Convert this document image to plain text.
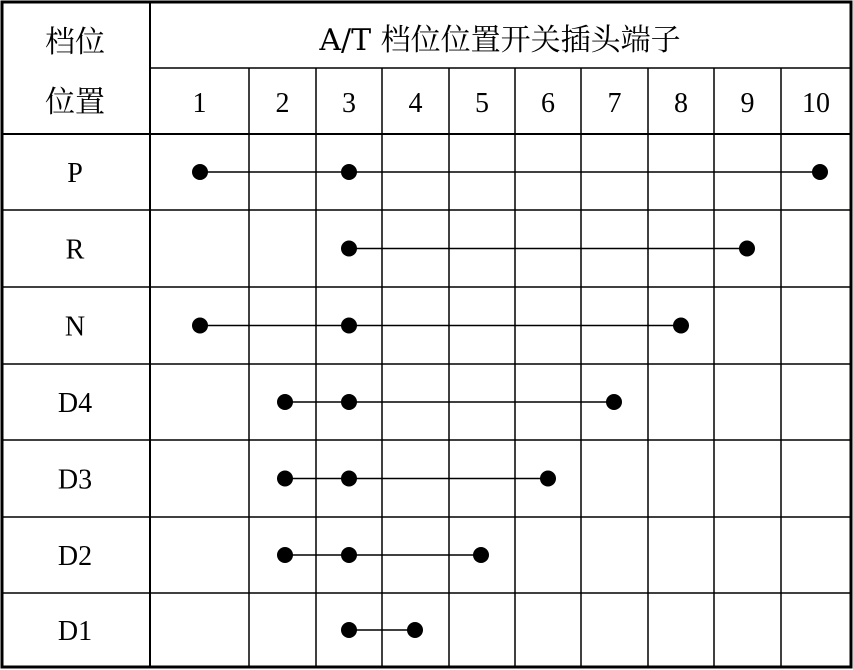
档位
位置
A/T 档位位置开关插头端子
1 2 3 4 5 6 7 8 9 10
P
R
N
D4
D3
D2
D1
